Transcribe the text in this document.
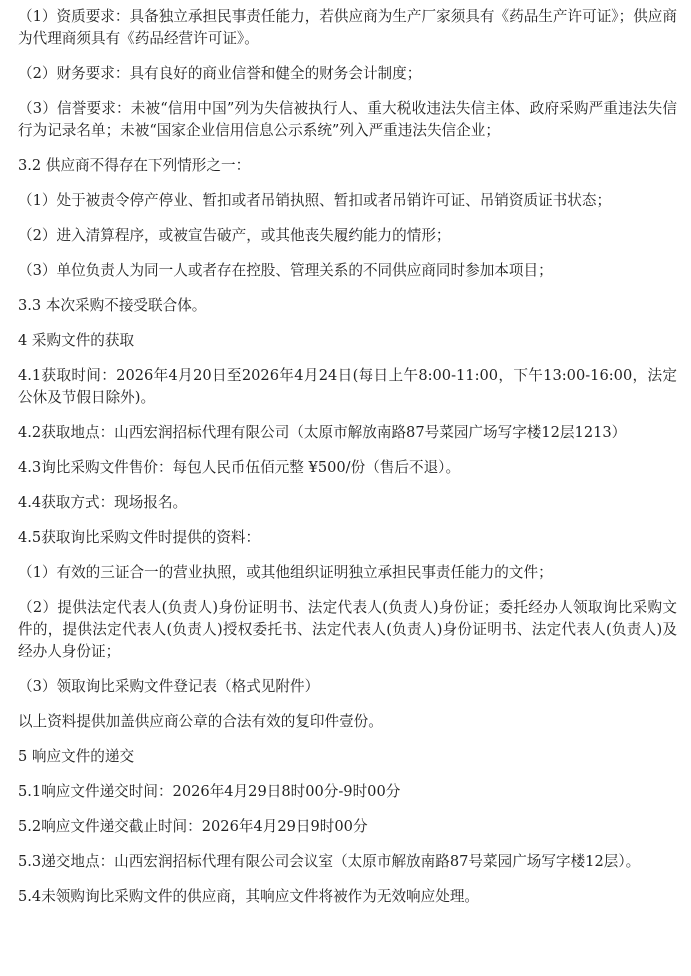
（1）资质要求：具备独立承担民事责任能力，若供应商为生产厂家须具有《药品生产许可证》；供应商为代理商须具有《药品经营许可证》。

（2）财务要求：具有良好的商业信誉和健全的财务会计制度；

（3）信誉要求：未被“信用中国”列为失信被执行人、重大税收违法失信主体、政府采购严重违法失信行为记录名单；未被“国家企业信用信息公示系统”列入严重违法失信企业；

3.2 供应商不得存在下列情形之一：

（1）处于被责令停产停业、暂扣或者吊销执照、暂扣或者吊销许可证、吊销资质证书状态；

（2）进入清算程序，或被宣告破产，或其他丧失履约能力的情形；

（3）单位负责人为同一人或者存在控股、管理关系的不同供应商同时参加本项目；

3.3 本次采购不接受联合体。

4 采购文件的获取

4.1获取时间：2026年4月20日至2026年4月24日(每日上午8:00-11:00，下午13:00-16:00，法定公休及节假日除外)。

4.2获取地点：山西宏润招标代理有限公司（太原市解放南路87号菜园广场写字楼12层1213）

4.3询比采购文件售价：每包人民币伍佰元整 ¥500/份（售后不退）。

4.4获取方式：现场报名。

4.5获取询比采购文件时提供的资料：

（1）有效的三证合一的营业执照，或其他组织证明独立承担民事责任能力的文件；

（2）提供法定代表人(负责人)身份证明书、法定代表人(负责人)身份证；委托经办人领取询比采购文件的，提供法定代表人(负责人)授权委托书、法定代表人(负责人)身份证明书、法定代表人(负责人)及经办人身份证；

（3）领取询比采购文件登记表（格式见附件）

以上资料提供加盖供应商公章的合法有效的复印件壹份。

5 响应文件的递交

5.1响应文件递交时间：2026年4月29日8时00分-9时00分

5.2响应文件递交截止时间：2026年4月29日9时00分

5.3递交地点：山西宏润招标代理有限公司会议室（太原市解放南路87号菜园广场写字楼12层）。

5.4未领购询比采购文件的供应商，其响应文件将被作为无效响应处理。
